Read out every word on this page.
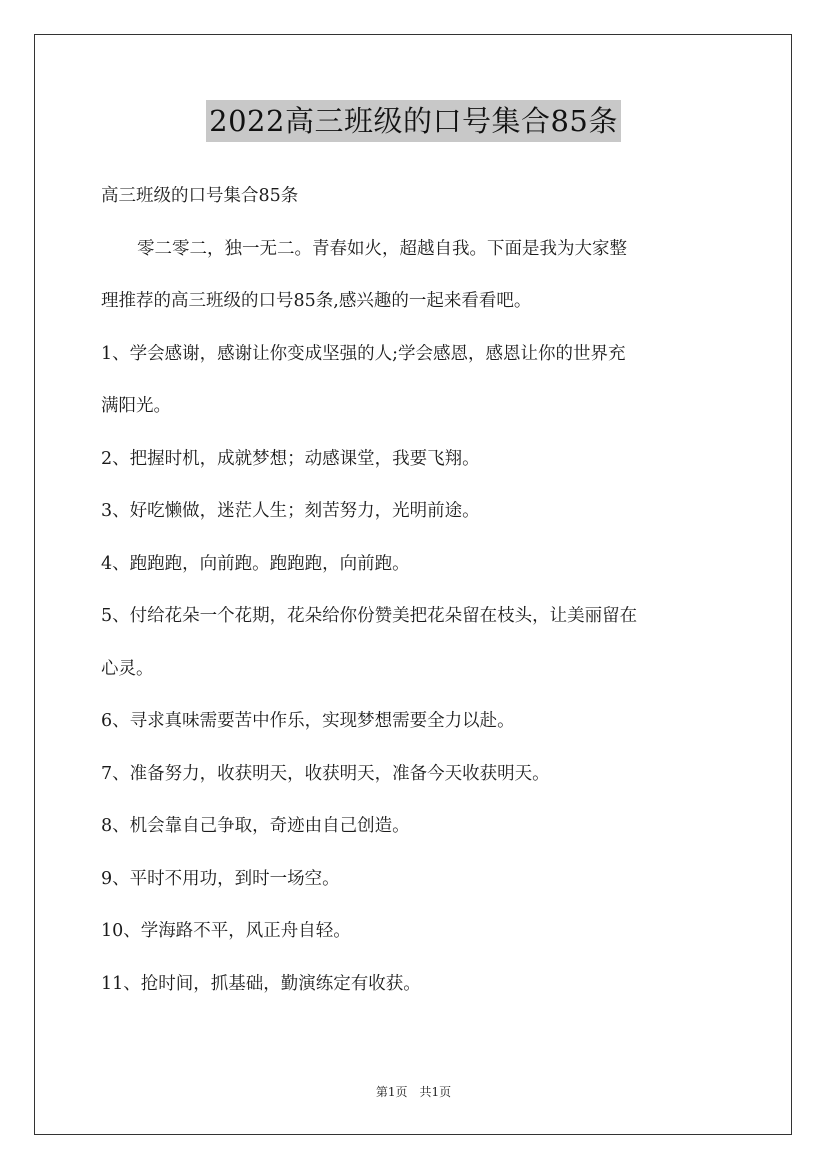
2022高三班级的口号集合85条

高三班级的口号集合85条

零二零二，独一无二。青春如火，超越自我。下面是我为大家整

理推荐的高三班级的口号85条,感兴趣的一起来看看吧。

1、学会感谢，感谢让你变成坚强的人;学会感恩，感恩让你的世界充

满阳光。

2、把握时机，成就梦想；动感课堂，我要飞翔。

3、好吃懒做，迷茫人生；刻苦努力，光明前途。

4、跑跑跑，向前跑。跑跑跑，向前跑。

5、付给花朵一个花期，花朵给你份赞美把花朵留在枝头，让美丽留在

心灵。

6、寻求真味需要苦中作乐，实现梦想需要全力以赴。

7、准备努力，收获明天，收获明天，准备今天收获明天。

8、机会靠自己争取，奇迹由自己创造。

9、平时不用功，到时一场空。

10、学海路不平，风正舟自轻。

11、抢时间，抓基础，勤演练定有收获。

第1页　共1页
